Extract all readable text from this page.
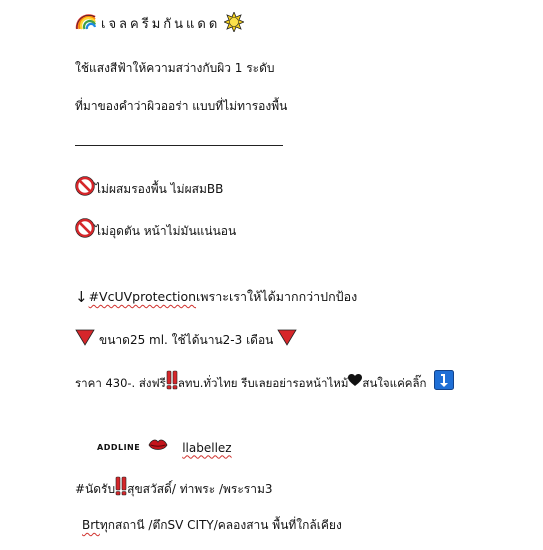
เจลครีมกันแดด
ใช้แสงสีฟ้าให้ความสว่างกับผิว 1 ระดับ
ที่มาของคำว่าผิวออร่า แบบที่ไม่ทารองพื้น
ไม่ผสมรองพื้น ไม่ผสมBB
ไม่อุดตัน หน้าไม่มันแน่นอน
↓ #VcUVprotection เพราะเราให้ได้มากกว่าปกป้อง
ขนาด25 ml. ใช้ได้นาน2-3 เดือน
ราคา 430-. ส่งฟรี ลทบ.ทั่วไทย รีบเลยอย่ารอหน้าไหม้ สนใจแค่คลิ๊ก
ADDLINE	llabellez
#นัดรับ สุขสวัสดิ์/ ท่าพระ /พระราม3
Brt ทุกสถานี /ตึกSV CITY/คลองสาน พื้นที่ใกล้เคียง
